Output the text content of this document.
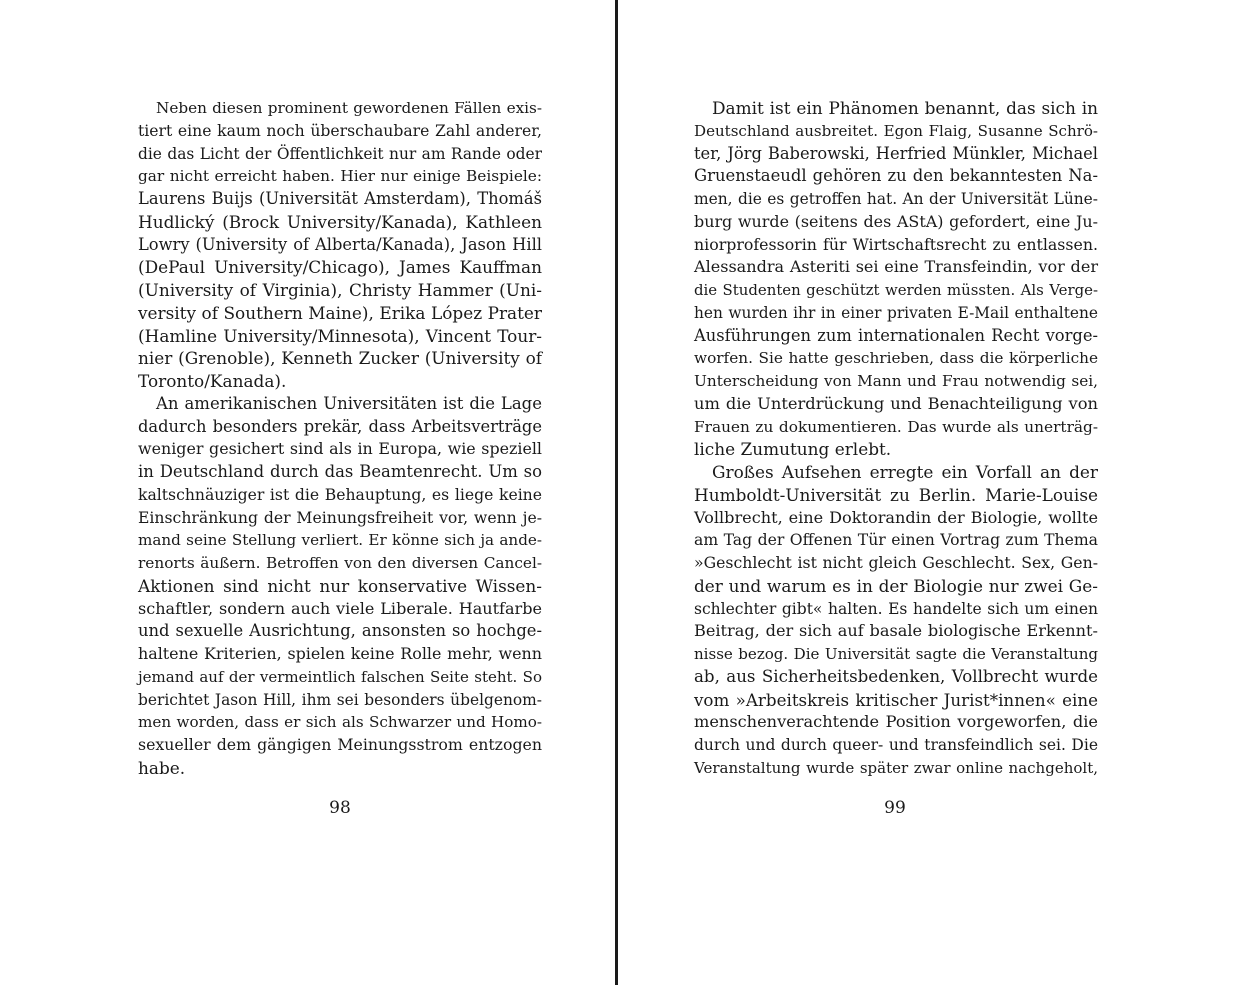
Neben diesen prominent gewordenen Fällen exis-
tiert eine kaum noch überschaubare Zahl anderer,
die das Licht der Öffentlichkeit nur am Rande oder
gar nicht erreicht haben. Hier nur einige Beispiele:
Laurens Buijs (Universität Amsterdam), Thomáš
Hudlický (Brock University/Kanada), Kathleen
Lowry (University of Alberta/Kanada), Jason Hill
(DePaul University/Chicago), James Kauffman
(University of Virginia), Christy Hammer (Uni-
versity of Southern Maine), Erika López Prater
(Hamline University/Minnesota), Vincent Tour-
nier (Grenoble), Kenneth Zucker (University of
Toronto/Kanada).
An amerikanischen Universitäten ist die Lage
dadurch besonders prekär, dass Arbeitsverträge
weniger gesichert sind als in Europa, wie speziell
in Deutschland durch das Beamtenrecht. Um so
kaltschnäuziger ist die Behauptung, es liege keine
Einschränkung der Meinungsfreiheit vor, wenn je-
mand seine Stellung verliert. Er könne sich ja ande-
renorts äußern. Betroffen von den diversen Cancel-
Aktionen sind nicht nur konservative Wissen-
schaftler, sondern auch viele Liberale. Hautfarbe
und sexuelle Ausrichtung, ansonsten so hochge-
haltene Kriterien, spielen keine Rolle mehr, wenn
jemand auf der vermeintlich falschen Seite steht. So
berichtet Jason Hill, ihm sei besonders übelgenom-
men worden, dass er sich als Schwarzer und Homo-
sexueller dem gängigen Meinungsstrom entzogen
habe.
98
Damit ist ein Phänomen benannt, das sich in
Deutschland ausbreitet. Egon Flaig, Susanne Schrö-
ter, Jörg Baberowski, Herfried Münkler, Michael
Gruenstaeudl gehören zu den bekanntesten Na-
men, die es getroffen hat. An der Universität Lüne-
burg wurde (seitens des AStA) gefordert, eine Ju-
niorprofessorin für Wirtschaftsrecht zu entlassen.
Alessandra Asteriti sei eine Transfeindin, vor der
die Studenten geschützt werden müssten. Als Verge-
hen wurden ihr in einer privaten E-Mail enthaltene
Ausführungen zum internationalen Recht vorge-
worfen. Sie hatte geschrieben, dass die körperliche
Unterscheidung von Mann und Frau notwendig sei,
um die Unterdrückung und Benachteiligung von
Frauen zu dokumentieren. Das wurde als unerträg-
liche Zumutung erlebt.
Großes Aufsehen erregte ein Vorfall an der
Humboldt-Universität zu Berlin. Marie-Louise
Vollbrecht, eine Doktorandin der Biologie, wollte
am Tag der Offenen Tür einen Vortrag zum Thema
»Geschlecht ist nicht gleich Geschlecht. Sex, Gen-
der und warum es in der Biologie nur zwei Ge-
schlechter gibt« halten. Es handelte sich um einen
Beitrag, der sich auf basale biologische Erkennt-
nisse bezog. Die Universität sagte die Veranstaltung
ab, aus Sicherheitsbedenken, Vollbrecht wurde
vom »Arbeitskreis kritischer Jurist*innen« eine
menschenverachtende Position vorgeworfen, die
durch und durch queer- und transfeindlich sei. Die
Veranstaltung wurde später zwar online nachgeholt,
99
